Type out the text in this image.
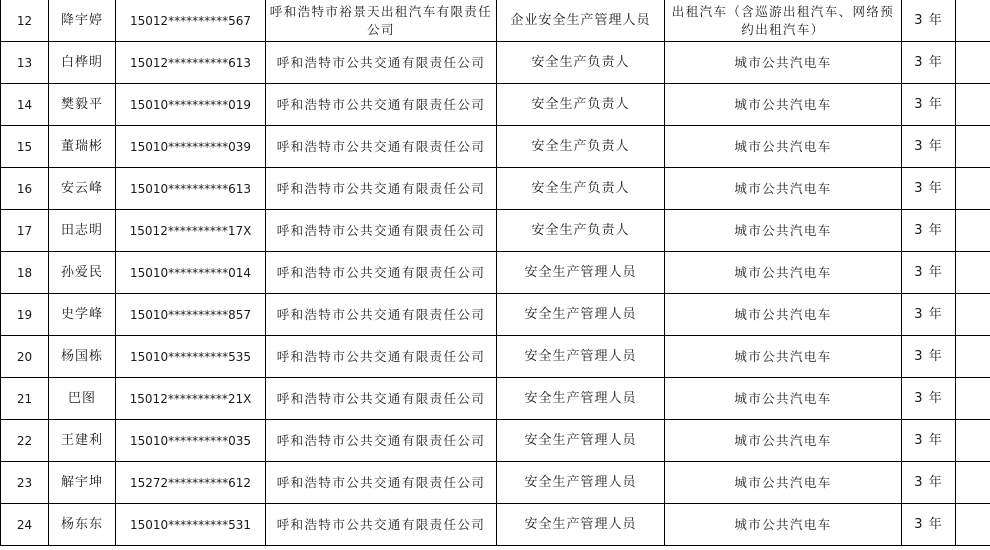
12	降宇婷	15012**********567	呼和浩特市裕景天出租汽车有限责任公司	企业安全生产管理人员	出租汽车（含巡游出租汽车、网络预约出租汽车）	3 年	
13	白桦明	15012**********613	呼和浩特市公共交通有限责任公司	安全生产负责人	城市公共汽电车	3 年	
14	樊毅平	15010**********019	呼和浩特市公共交通有限责任公司	安全生产负责人	城市公共汽电车	3 年	
15	董瑞彬	15010**********039	呼和浩特市公共交通有限责任公司	安全生产负责人	城市公共汽电车	3 年	
16	安云峰	15010**********613	呼和浩特市公共交通有限责任公司	安全生产负责人	城市公共汽电车	3 年	
17	田志明	15012**********17X	呼和浩特市公共交通有限责任公司	安全生产负责人	城市公共汽电车	3 年	
18	孙爱民	15010**********014	呼和浩特市公共交通有限责任公司	安全生产管理人员	城市公共汽电车	3 年	
19	史学峰	15010**********857	呼和浩特市公共交通有限责任公司	安全生产管理人员	城市公共汽电车	3 年	
20	杨国栋	15010**********535	呼和浩特市公共交通有限责任公司	安全生产管理人员	城市公共汽电车	3 年	
21	巴图	15012**********21X	呼和浩特市公共交通有限责任公司	安全生产管理人员	城市公共汽电车	3 年	
22	王建利	15010**********035	呼和浩特市公共交通有限责任公司	安全生产管理人员	城市公共汽电车	3 年	
23	解宇坤	15272**********612	呼和浩特市公共交通有限责任公司	安全生产管理人员	城市公共汽电车	3 年	
24	杨东东	15010**********531	呼和浩特市公共交通有限责任公司	安全生产管理人员	城市公共汽电车	3 年	
